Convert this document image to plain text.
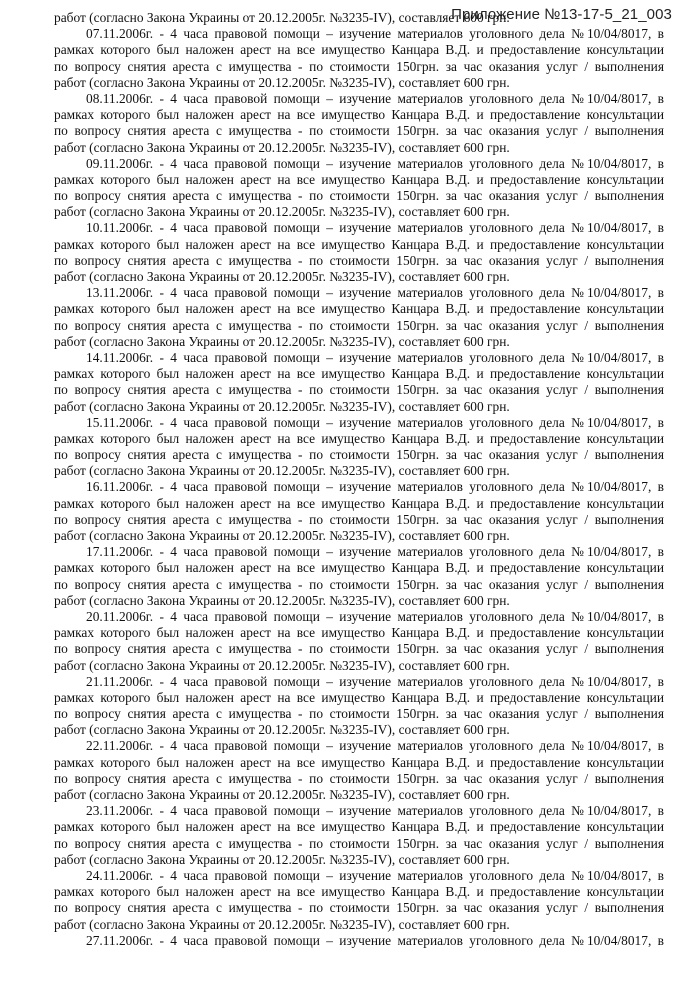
Приложение №13-17-5_21_003
работ (согласно Закона Украины от 20.12.2005г. №3235-IV), составляет 600 грн.
07.11.2006г. - 4 часа правовой помощи – изучение материалов уголовного дела №10/04/8017, в
рамках которого был наложен арест на все имущество Канцара В.Д. и предоставление консультации
по вопросу снятия ареста с имущества - по стоимости 150грн. за час оказания услуг / выполнения
работ (согласно Закона Украины от 20.12.2005г. №3235-IV), составляет 600 грн.
08.11.2006г. - 4 часа правовой помощи – изучение материалов уголовного дела №10/04/8017, в
рамках которого был наложен арест на все имущество Канцара В.Д. и предоставление консультации
по вопросу снятия ареста с имущества - по стоимости 150грн. за час оказания услуг / выполнения
работ (согласно Закона Украины от 20.12.2005г. №3235-IV), составляет 600 грн.
09.11.2006г. - 4 часа правовой помощи – изучение материалов уголовного дела №10/04/8017, в
рамках которого был наложен арест на все имущество Канцара В.Д. и предоставление консультации
по вопросу снятия ареста с имущества - по стоимости 150грн. за час оказания услуг / выполнения
работ (согласно Закона Украины от 20.12.2005г. №3235-IV), составляет 600 грн.
10.11.2006г. - 4 часа правовой помощи – изучение материалов уголовного дела №10/04/8017, в
рамках которого был наложен арест на все имущество Канцара В.Д. и предоставление консультации
по вопросу снятия ареста с имущества - по стоимости 150грн. за час оказания услуг / выполнения
работ (согласно Закона Украины от 20.12.2005г. №3235-IV), составляет 600 грн.
13.11.2006г. - 4 часа правовой помощи – изучение материалов уголовного дела №10/04/8017, в
рамках которого был наложен арест на все имущество Канцара В.Д. и предоставление консультации
по вопросу снятия ареста с имущества - по стоимости 150грн. за час оказания услуг / выполнения
работ (согласно Закона Украины от 20.12.2005г. №3235-IV), составляет 600 грн.
14.11.2006г. - 4 часа правовой помощи – изучение материалов уголовного дела №10/04/8017, в
рамках которого был наложен арест на все имущество Канцара В.Д. и предоставление консультации
по вопросу снятия ареста с имущества - по стоимости 150грн. за час оказания услуг / выполнения
работ (согласно Закона Украины от 20.12.2005г. №3235-IV), составляет 600 грн.
15.11.2006г. - 4 часа правовой помощи – изучение материалов уголовного дела №10/04/8017, в
рамках которого был наложен арест на все имущество Канцара В.Д. и предоставление консультации
по вопросу снятия ареста с имущества - по стоимости 150грн. за час оказания услуг / выполнения
работ (согласно Закона Украины от 20.12.2005г. №3235-IV), составляет 600 грн.
16.11.2006г. - 4 часа правовой помощи – изучение материалов уголовного дела №10/04/8017, в
рамках которого был наложен арест на все имущество Канцара В.Д. и предоставление консультации
по вопросу снятия ареста с имущества - по стоимости 150грн. за час оказания услуг / выполнения
работ (согласно Закона Украины от 20.12.2005г. №3235-IV), составляет 600 грн.
17.11.2006г. - 4 часа правовой помощи – изучение материалов уголовного дела №10/04/8017, в
рамках которого был наложен арест на все имущество Канцара В.Д. и предоставление консультации
по вопросу снятия ареста с имущества - по стоимости 150грн. за час оказания услуг / выполнения
работ (согласно Закона Украины от 20.12.2005г. №3235-IV), составляет 600 грн.
20.11.2006г. - 4 часа правовой помощи – изучение материалов уголовного дела №10/04/8017, в
рамках которого был наложен арест на все имущество Канцара В.Д. и предоставление консультации
по вопросу снятия ареста с имущества - по стоимости 150грн. за час оказания услуг / выполнения
работ (согласно Закона Украины от 20.12.2005г. №3235-IV), составляет 600 грн.
21.11.2006г. - 4 часа правовой помощи – изучение материалов уголовного дела №10/04/8017, в
рамках которого был наложен арест на все имущество Канцара В.Д. и предоставление консультации
по вопросу снятия ареста с имущества - по стоимости 150грн. за час оказания услуг / выполнения
работ (согласно Закона Украины от 20.12.2005г. №3235-IV), составляет 600 грн.
22.11.2006г. - 4 часа правовой помощи – изучение материалов уголовного дела №10/04/8017, в
рамках которого был наложен арест на все имущество Канцара В.Д. и предоставление консультации
по вопросу снятия ареста с имущества - по стоимости 150грн. за час оказания услуг / выполнения
работ (согласно Закона Украины от 20.12.2005г. №3235-IV), составляет 600 грн.
23.11.2006г. - 4 часа правовой помощи – изучение материалов уголовного дела №10/04/8017, в
рамках которого был наложен арест на все имущество Канцара В.Д. и предоставление консультации
по вопросу снятия ареста с имущества - по стоимости 150грн. за час оказания услуг / выполнения
работ (согласно Закона Украины от 20.12.2005г. №3235-IV), составляет 600 грн.
24.11.2006г. - 4 часа правовой помощи – изучение материалов уголовного дела №10/04/8017, в
рамках которого был наложен арест на все имущество Канцара В.Д. и предоставление консультации
по вопросу снятия ареста с имущества - по стоимости 150грн. за час оказания услуг / выполнения
работ (согласно Закона Украины от 20.12.2005г. №3235-IV), составляет 600 грн.
27.11.2006г. - 4 часа правовой помощи – изучение материалов уголовного дела №10/04/8017, в
